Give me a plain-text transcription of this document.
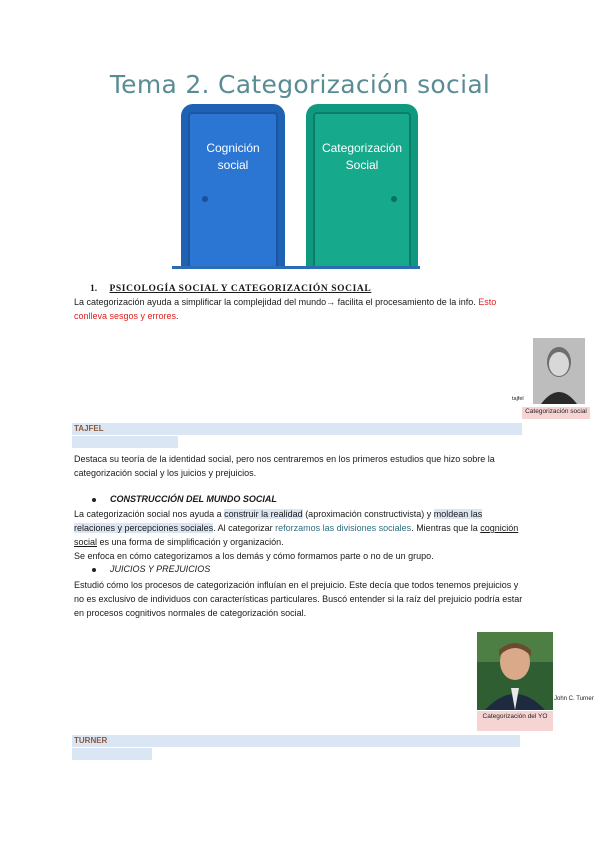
Tema 2. Categorización social
Cognición
social
Categorización
Social
1. PSICOLOGÍA SOCIAL Y CATEGORIZACIÓN SOCIAL
La categorización ayuda a simplificar la complejidad del mundo→ facilita el procesamiento de la info. Esto
conlleva sesgos y errores.
tajfel
Categorización social
TAJFEL
Destaca su teoría de la identidad social, pero nos centraremos en los primeros estudios que hizo sobre la
categorización social y los juicios y prejuicios.
CONSTRUCCIÓN DEL MUNDO SOCIAL
La categorización social nos ayuda a construir la realidad (aproximación constructivista) y moldean las
relaciones y percepciones sociales. Al categorizar reforzamos las divisiones sociales. Mientras que la cognición
social es una forma de simplificación y organización.
Se enfoca en cómo categorizamos a los demás y cómo formamos parte o no de un grupo.
JUICIOS Y PREJUICIOS
Estudió cómo los procesos de categorización influían en el prejuicio. Este decía que todos tenemos prejuicios y
no es exclusivo de individuos con características particulares. Buscó entender si la raíz del prejuicio podría estar
en procesos cognitivos normales de categorización social.
John C. Turner
Categorización del YO
TURNER
